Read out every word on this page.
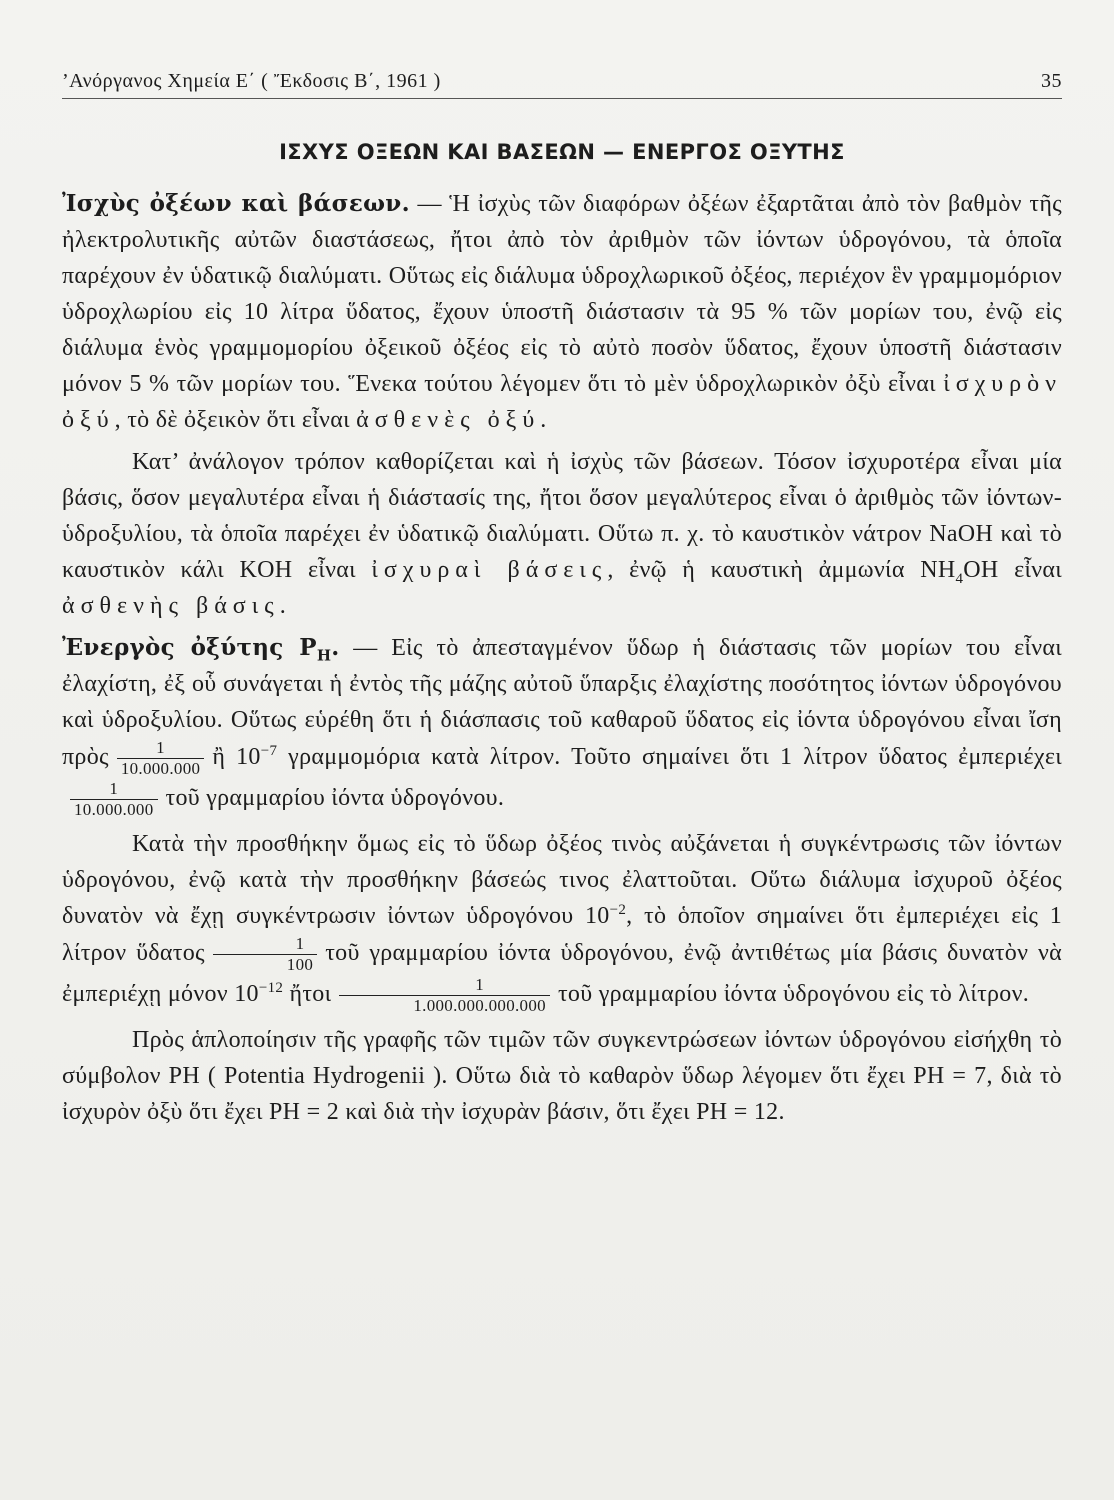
’Ανόργανος Χημεία Ε΄ ( Ἔκδοσις Β΄, 1961 )	35
ΙΣΧΥΣ ΟΞΕΩΝ ΚΑΙ ΒΑΣΕΩΝ — ΕΝΕΡΓΟΣ ΟΞΥΤΗΣ

Ἰσχὺς ὀξέων καὶ βάσεων. — Ἡ ἰσχὺς τῶν διαφόρων ὀξέων ἐξαρτᾶται ἀπὸ τὸν βαθμὸν τῆς ἠλεκτρολυτικῆς αὐτῶν διαστάσεως, ἤτοι ἀπὸ τὸν ἀριθμὸν τῶν ἰόντων ὑδρογόνου, τὰ ὁποῖα παρέχουν ἐν ὑδατικῷ διαλύματι. Οὕτως εἰς διάλυμα ὑδροχλωρικοῦ ὀξέος, περιέχον ἓν γραμμομόριον ὑδροχλωρίου εἰς 10 λίτρα ὕδατος, ἔχουν ὑποστῆ διάστασιν τὰ 95 % τῶν μορίων του, ἐνῷ εἰς διάλυμα ἑνὸς γραμμομορίου ὀξεικοῦ ὀξέος εἰς τὸ αὐτὸ ποσὸν ὕδατος, ἔχουν ὑποστῆ διάστασιν μόνον 5 % τῶν μορίων του. Ἕνεκα τούτου λέγομεν ὅτι τὸ μὲν ὑδροχλωρικὸν ὀξὺ εἶναι ἰσχυρὸν ὀξύ, τὸ δὲ ὀξεικὸν ὅτι εἶναι ἀσθενὲς ὀξύ.

Κατ’ ἀνάλογον τρόπον καθορίζεται καὶ ἡ ἰσχὺς τῶν βάσεων. Τόσον ἰσχυροτέρα εἶναι μία βάσις, ὅσον μεγαλυτέρα εἶναι ἡ διάστασίς της, ἤτοι ὅσον μεγαλύτερος εἶναι ὁ ἀριθμὸς τῶν ἰόντων-ὑδροξυλίου, τὰ ὁποῖα παρέχει ἐν ὑδατικῷ διαλύματι. Οὕτω π. χ. τὸ καυστικὸν νάτρον NaOH καὶ τὸ καυστικὸν κάλι KOH εἶναι ἰσχυραὶ βάσεις, ἐνῷ ἡ καυστικὴ ἀμμωνία $NH_4OH$ εἶναι ἀσθενὴς βάσις.

Ἐνεργὸς ὀξύτης $P_H$. — Εἰς τὸ ἀπεσταγμένον ὕδωρ ἡ διάστασις τῶν μορίων του εἶναι ἐλαχίστη, ἐξ οὗ συνάγεται ἡ ἐντὸς τῆς μάζης αὐτοῦ ὕπαρξις ἐλαχίστης ποσότητος ἰόντων ὑδρογόνου καὶ ὑδροξυλίου. Οὕτως εὑρέθη ὅτι ἡ διάσπασις τοῦ καθαροῦ ὕδατος εἰς ἰόντα ὑδρογόνου εἶναι ἴση πρὸς $\frac{1}{10.000.000}$ ἢ $10^{-7}$ γραμμομόρια κατὰ λίτρον. Τοῦτο σημαίνει ὅτι 1 λίτρον ὕδατος ἐμπεριέχει
$\frac{1}{10.000.000}$ τοῦ γραμμαρίου ἰόντα ὑδρογόνου.

Κατὰ τὴν προσθήκην ὅμως εἰς τὸ ὕδωρ ὀξέος τινὸς αὐξάνεται ἡ συγκέντρωσις τῶν ἰόντων ὑδρογόνου, ἐνῷ κατὰ τὴν προσθήκην βάσεώς τινος ἐλαττοῦται. Οὕτω διάλυμα ἰσχυροῦ ὀξέος δυνατὸν νὰ ἔχῃ συγκέντρωσιν ἰόντων ὑδρογόνου $10^{-2}$, τὸ ὁποῖον σημαίνει ὅτι ἐμπεριέχει εἰς 1 λίτρον ὕδατος $\frac{1}{100}$ τοῦ γραμμαρίου ἰόντα ὑδρογόνου, ἐνῷ ἀντιθέτως μία βάσις δυνατὸν νὰ ἐμπεριέχῃ μόνον $10^{-12}$ ἤτοι $\frac{1}{1.000.000.000.000}$ τοῦ γραμμαρίου ἰόντα ὑδρογόνου εἰς τὸ λίτρον.

Πρὸς ἁπλοποίησιν τῆς γραφῆς τῶν τιμῶν τῶν συγκεντρώσεων ἰόντων ὑδρογόνου εἰσήχθη τὸ σύμβολον ΡΗ ( Potentia Hydrogenii ). Οὕτω διὰ τὸ καθαρὸν ὕδωρ λέγομεν ὅτι ἔχει ΡΗ = 7, διὰ τὸ ἰσχυρὸν ὀξὺ ὅτι ἔχει ΡΗ = 2 καὶ διὰ τὴν ἰσχυρὰν βάσιν, ὅτι ἔχει ΡΗ = 12.
